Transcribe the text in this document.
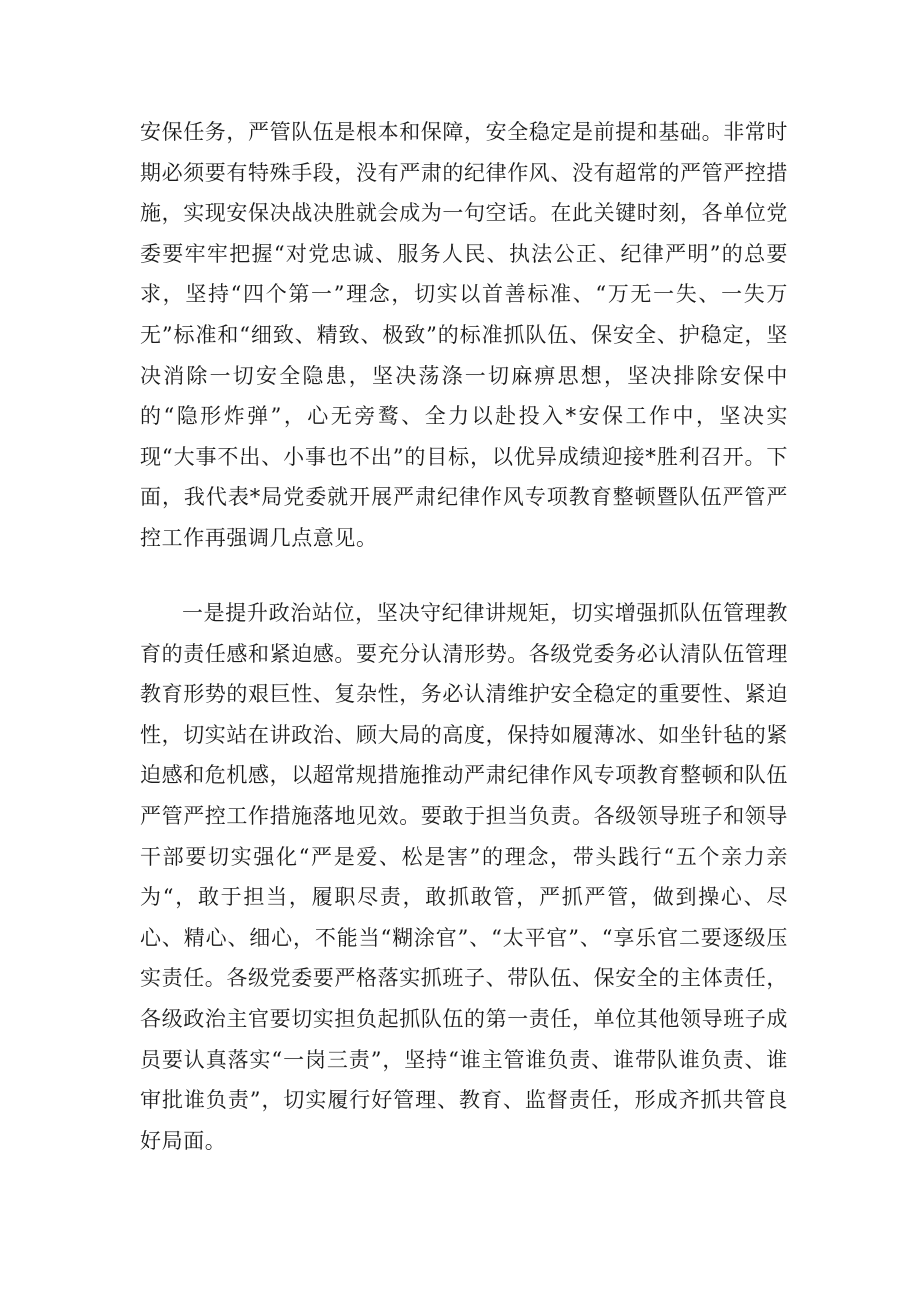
安保任务，严管队伍是根本和保障，安全稳定是前提和基础。非常时期必须要有特殊手段，没有严肃的纪律作风、没有超常的严管严控措施，实现安保决战决胜就会成为一句空话。在此关键时刻，各单位党委要牢牢把握“对党忠诚、服务人民、执法公正、纪律严明”的总要求，坚持“四个第一”理念，切实以首善标准、“万无一失、一失万无”标准和“细致、精致、极致”的标准抓队伍、保安全、护稳定，坚决消除一切安全隐患，坚决荡涤一切麻痹思想，坚决排除安保中的“隐形炸弹”，心无旁鹜、全力以赴投入*安保工作中，坚决实现“大事不出、小事也不出”的目标，以优异成绩迎接*胜利召开。下面，我代表*局党委就开展严肃纪律作风专项教育整顿暨队伍严管严控工作再强调几点意见。

一是提升政治站位，坚决守纪律讲规矩，切实增强抓队伍管理教育的责任感和紧迫感。要充分认清形势。各级党委务必认清队伍管理教育形势的艰巨性、复杂性，务必认清维护安全稳定的重要性、紧迫性，切实站在讲政治、顾大局的高度，保持如履薄冰、如坐针毡的紧迫感和危机感，以超常规措施推动严肃纪律作风专项教育整顿和队伍严管严控工作措施落地见效。要敢于担当负责。各级领导班子和领导干部要切实强化“严是爱、松是害”的理念，带头践行“五个亲力亲为“，敢于担当，履职尽责，敢抓敢管，严抓严管，做到操心、尽心、精心、细心，不能当“糊涂官”、“太平官”、“享乐官二要逐级压实责任。各级党委要严格落实抓班子、带队伍、保安全的主体责任，各级政治主官要切实担负起抓队伍的第一责任，单位其他领导班子成员要认真落实“一岗三责”，坚持“谁主管谁负责、谁带队谁负责、谁审批谁负责”，切实履行好管理、教育、监督责任，形成齐抓共管良好局面。
